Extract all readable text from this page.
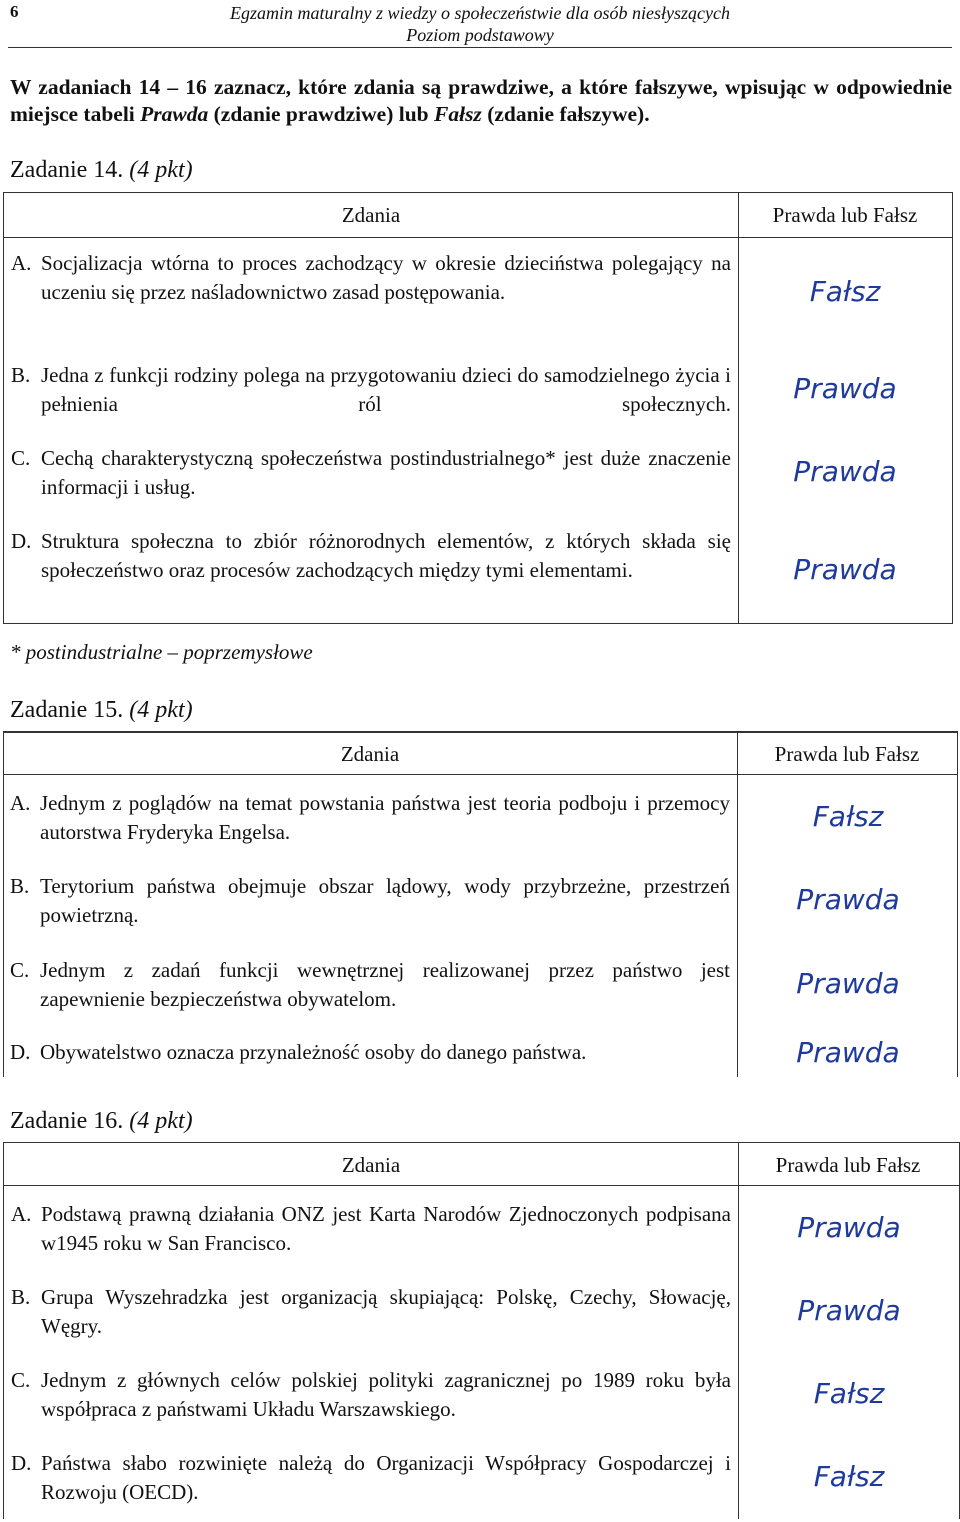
6	Egzamin maturalny z wiedzy o społeczeństwie dla osób niesłyszących
Poziom podstawowy
W zadaniach 14 – 16 zaznacz, które zdania są prawdziwe, a które fałszywe, wpisując w odpowiednie miejsce tabeli Prawda (zdanie prawdziwe) lub Fałsz (zdanie fałszywe).
Zadanie 14. (4 pkt)
Zdania	Prawda lub Fałsz
A. Socjalizacja wtórna to proces zachodzący w okresie dzieciństwa polegający na uczeniu się przez naśladownictwo zasad postępowania.	Fałsz
B. Jedna z funkcji rodziny polega na przygotowaniu dzieci do samodzielnego życia i pełnienia ról społecznych.	Prawda
C. Cechą charakterystyczną społeczeństwa postindustrialnego* jest duże znaczenie informacji i usług.	Prawda
D. Struktura społeczna to zbiór różnorodnych elementów, z których składa się społeczeństwo oraz procesów zachodzących między tymi elementami.	Prawda
* postindustrialne – poprzemysłowe
Zadanie 15. (4 pkt)
Zdania	Prawda lub Fałsz
A. Jednym z poglądów na temat powstania państwa jest teoria podboju i przemocy autorstwa Fryderyka Engelsa.	Fałsz
B. Terytorium państwa obejmuje obszar lądowy, wody przybrzeżne, przestrzeń powietrzną.	Prawda
C. Jednym z zadań funkcji wewnętrznej realizowanej przez państwo jest zapewnienie bezpieczeństwa obywatelom.	Prawda
D. Obywatelstwo oznacza przynależność osoby do danego państwa.	Prawda
Zadanie 16. (4 pkt)
Zdania	Prawda lub Fałsz
A. Podstawą prawną działania ONZ jest Karta Narodów Zjednoczonych podpisana w1945 roku w San Francisco.	Prawda
B. Grupa Wyszehradzka jest organizacją skupiającą: Polskę, Czechy, Słowację, Węgry.	Prawda
C. Jednym z głównych celów polskiej polityki zagranicznej po 1989 roku była współpraca z państwami Układu Warszawskiego.	Fałsz
D. Państwa słabo rozwinięte należą do Organizacji Współpracy Gospodarczej i Rozwoju (OECD).	Fałsz
